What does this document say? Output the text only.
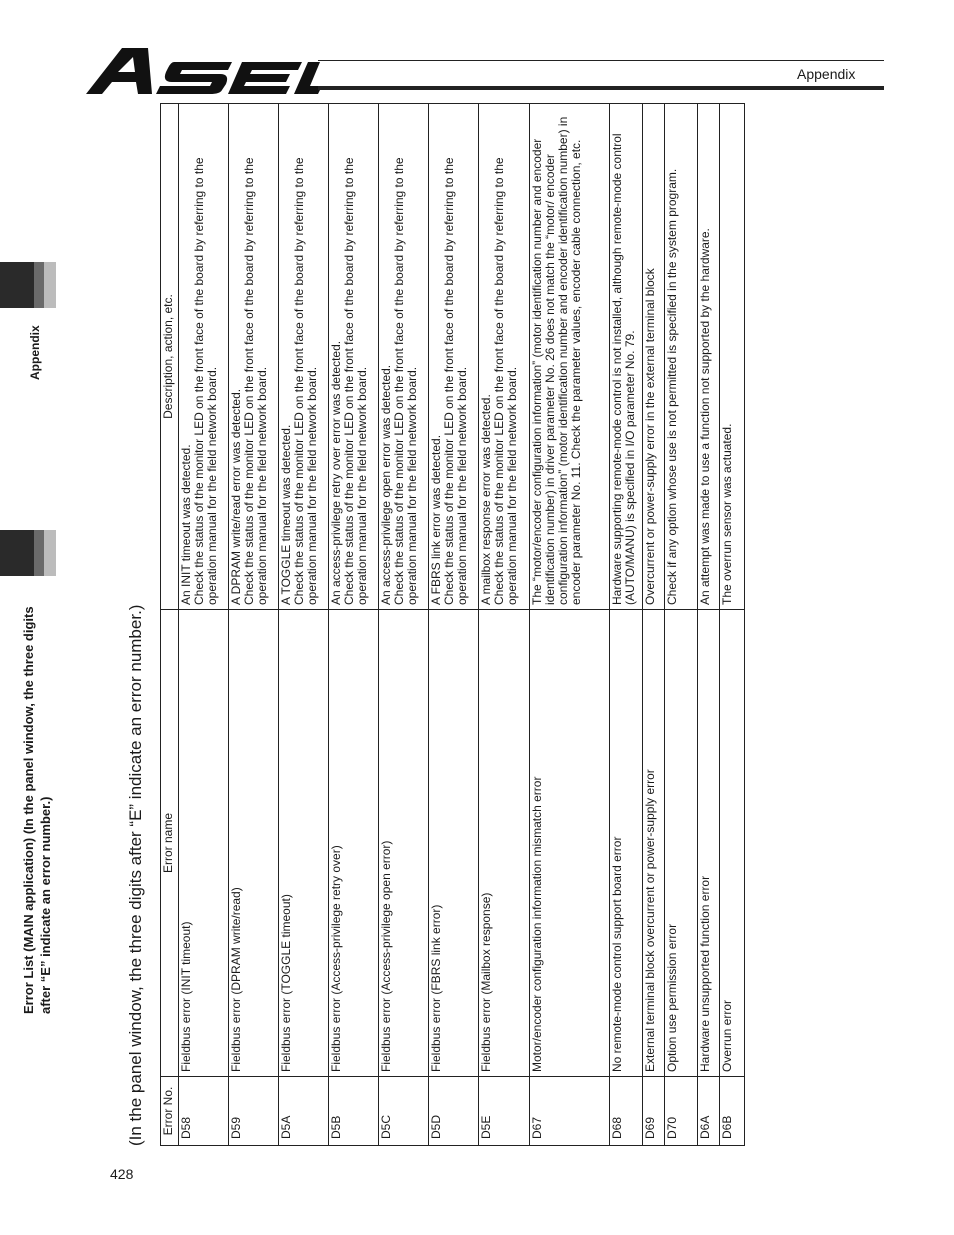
Appendix
Appendix
Error List (MAIN application) (In the panel window, the three digits after “E” indicate an error number.)	(In the panel window, the three digits after “E” indicate an error number.)
428
Error No.	Error name	Description, action, etc.
D58	Fieldbus error (INIT timeout)	An INIT timeout was detected. Check the status of the monitor LED on the front face of the board by referring to the operation manual for the field network board.

D59	Fieldbus error (DPRAM write/read)	A DPRAM write/read error was detected. Check the status of the monitor LED on the front face of the board by referring to the operation manual for the field network board.

D5A	Fieldbus error (TOGGLE timeout)	A TOGGLE timeout was detected. Check the status of the monitor LED on the front face of the board by referring to the operation manual for the field network board.

D5B	Fieldbus error (Access-privilege retry over)	An access-privilege retry over error was detected. Check the status of the monitor LED on the front face of the board by referring to the operation manual for the field network board.

D5C	Fieldbus error (Access-privilege open error)	An access-privilege open error was detected. Check the status of the monitor LED on the front face of the board by referring to the operation manual for the field network board.

D5D	Fieldbus error (FBRS link error)	A FBRS link error was detected. Check the status of the monitor LED on the front face of the board by referring to the operation manual for the field network board.

D5E	Fieldbus error (Mailbox response)	A mailbox response error was detected. Check the status of the monitor LED on the front face of the board by referring to the operation manual for the field network board.

D67	Motor/encoder configuration information mismatch error	The “motor/encoder configuration information” (motor identification number and encoder identification number) in driver parameter No. 26 does not match the “motor/ encoder configuration information” (motor identification number and encoder identification number) in encoder parameter No. 11. Check the parameter values, encoder cable connection, etc.

D68	No remote-mode control support board error	Hardware supporting remote-mode control is not installed, although remote-mode control (AUTO/MANU) is specified in I/O parameter No. 79.

D69	External terminal block overcurrent or power-supply error	Overcurrent or power-supply error in the external terminal block

D70	Option use permission error	Check if any option whose use is not permitted is specified in the system program.

D6A	Hardware unsupported function error	An attempt was made to use a function not supported by the hardware.

D6B	Overrun error	The overrun sensor was actuated.
